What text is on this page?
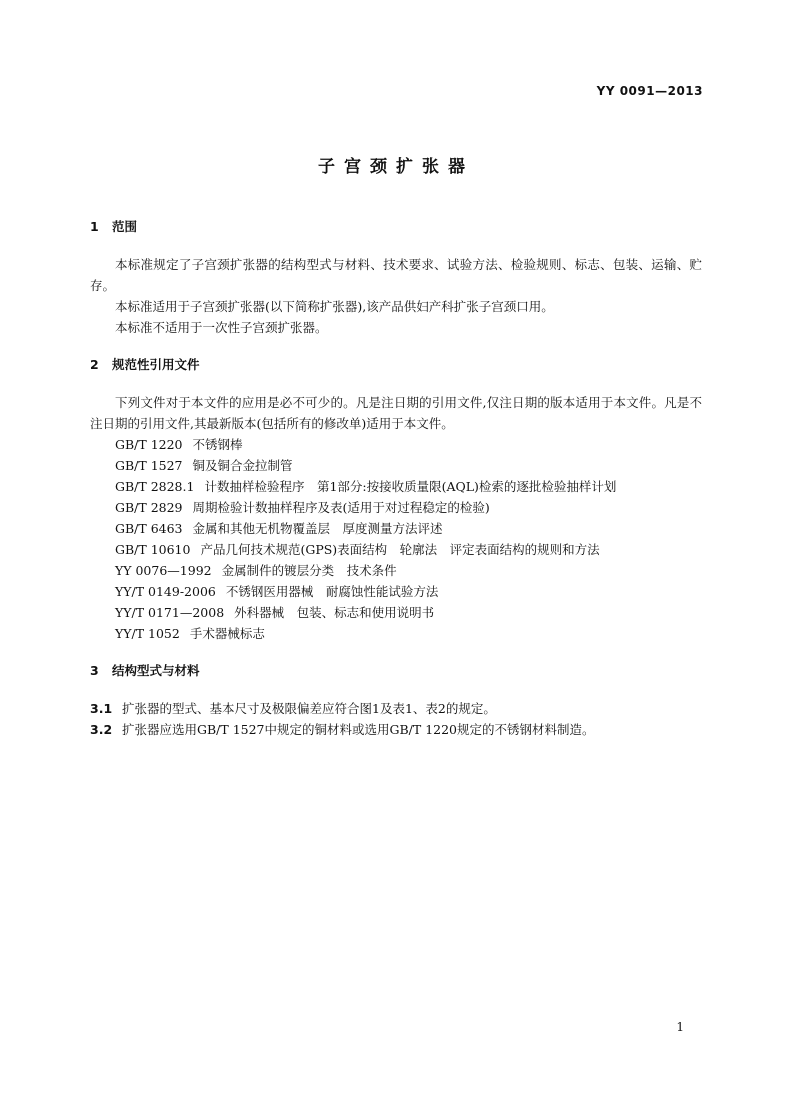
YY 0091—2013
子宫颈扩张器
1 范围

本标准规定了子宫颈扩张器的结构型式与材料、技术要求、试验方法、检验规则、标志、包装、运输、贮存。

本标准适用于子宫颈扩张器(以下简称扩张器),该产品供妇产科扩张子宫颈口用。

本标准不适用于一次性子宫颈扩张器。

2 规范性引用文件

下列文件对于本文件的应用是必不可少的。凡是注日期的引用文件,仅注日期的版本适用于本文件。凡是不注日期的引用文件,其最新版本(包括所有的修改单)适用于本文件。

GB/T 1220 不锈钢棒
GB/T 1527 铜及铜合金拉制管
GB/T 2828.1 计数抽样检验程序　第1部分:按接收质量限(AQL)检索的逐批检验抽样计划
GB/T 2829 周期检验计数抽样程序及表(适用于对过程稳定的检验)
GB/T 6463 金属和其他无机物覆盖层　厚度测量方法评述
GB/T 10610 产品几何技术规范(GPS)表面结构　轮廓法　评定表面结构的规则和方法
YY 0076—1992 金属制件的镀层分类　技术条件
YY/T 0149-2006 不锈钢医用器械　耐腐蚀性能试验方法
YY/T 0171—2008 外科器械　包装、标志和使用说明书
YY/T 1052 手术器械标志
3 结构型式与材料

3.1 扩张器的型式、基本尺寸及极限偏差应符合图1及表1、表2的规定。

3.2 扩张器应选用GB/T 1527中规定的铜材料或选用GB/T 1220规定的不锈钢材料制造。

1
